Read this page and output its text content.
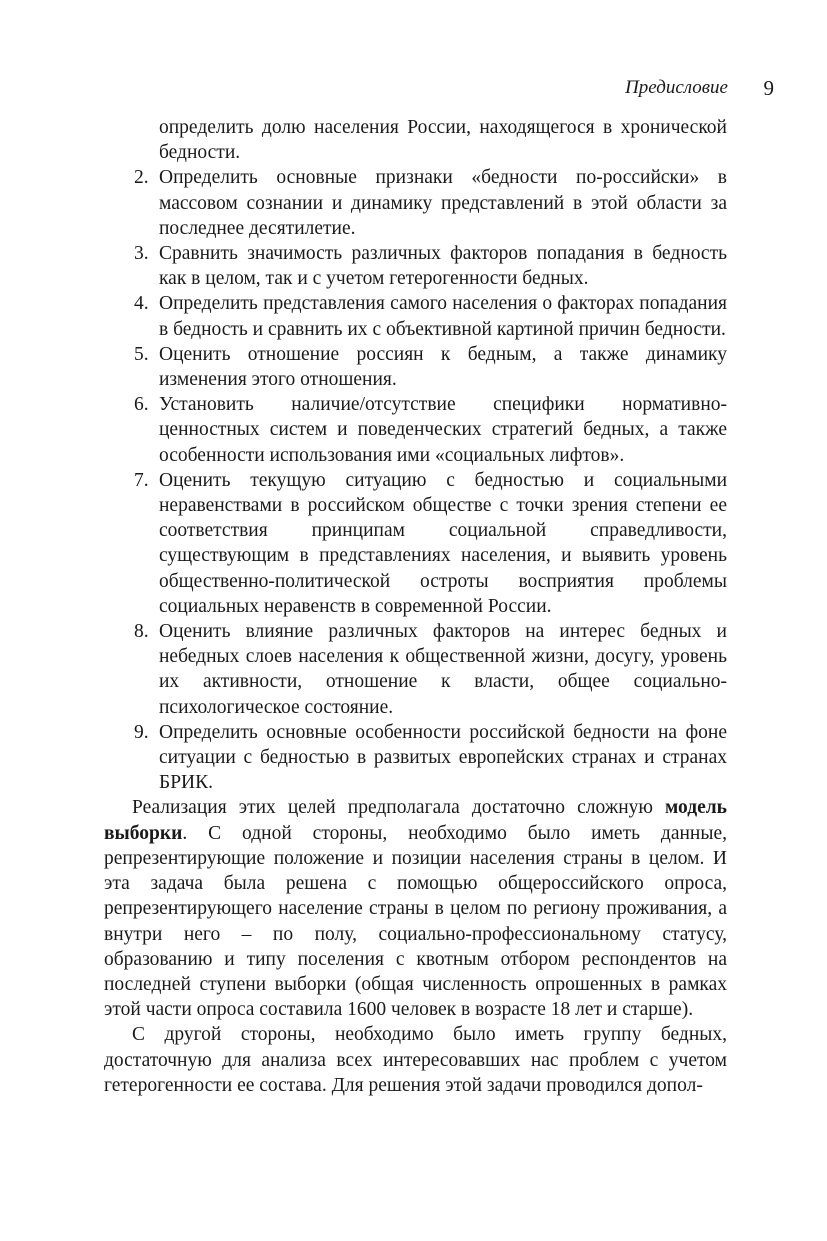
Предисловие 9
определить долю населения России, находящегося в хронической бедности.
2. Определить основные признаки «бедности по-российски» в массовом сознании и динамику представлений в этой области за последнее десятилетие.
3. Сравнить значимость различных факторов попадания в бедность как в целом, так и с учетом гетерогенности бедных.
4. Определить представления самого населения о факторах попадания в бедность и сравнить их с объективной картиной причин бедности.
5. Оценить отношение россиян к бедным, а также динамику изменения этого отношения.
6. Установить наличие/отсутствие специфики нормативно-ценностных систем и поведенческих стратегий бедных, а также особенности использования ими «социальных лифтов».
7. Оценить текущую ситуацию с бедностью и социальными неравенствами в российском обществе с точки зрения степени ее соответствия принципам социальной справедливости, существующим в представлениях населения, и выявить уровень общественно-политической остроты восприятия проблемы социальных неравенств в современной России.
8. Оценить влияние различных факторов на интерес бедных и небедных слоев населения к общественной жизни, досугу, уровень их активности, отношение к власти, общее социально-психологическое состояние.
9. Определить основные особенности российской бедности на фоне ситуации с бедностью в развитых европейских странах и странах БРИК.

Реализация этих целей предполагала достаточно сложную модель выборки. С одной стороны, необходимо было иметь данные, репрезентирующие положение и позиции населения страны в целом. И эта задача была решена с помощью общероссийского опроса, репрезентирующего население страны в целом по региону проживания, а внутри него – по полу, социально-профессиональному статусу, образованию и типу поселения с квотным отбором респондентов на последней ступени выборки (общая численность опрошенных в рамках этой части опроса составила 1600 человек в возрасте 18 лет и старше).

С другой стороны, необходимо было иметь группу бедных, достаточную для анализа всех интересовавших нас проблем с учетом гетерогенности ее состава. Для решения этой задачи проводился допол-
